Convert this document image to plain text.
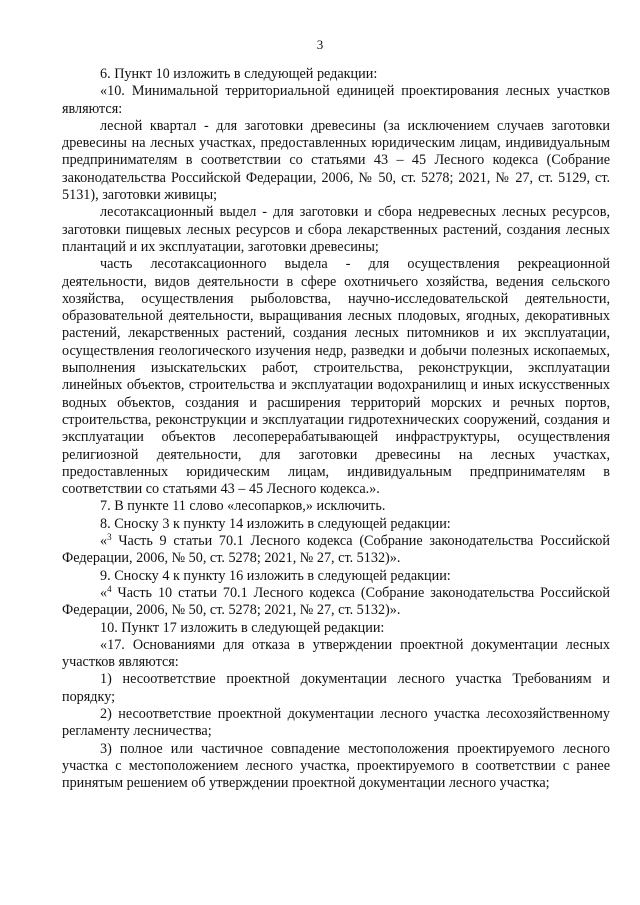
3

6. Пункт 10 изложить в следующей редакции:

«10. Минимальной территориальной единицей проектирования лесных участков являются:

лесной квартал - для заготовки древесины (за исключением случаев заготовки древесины на лесных участках, предоставленных юридическим лицам, индивидуальным предпринимателям в соответствии со статьями 43 – 45 Лесного кодекса (Собрание законодательства Российской Федерации, 2006, № 50, ст. 5278; 2021, № 27, ст. 5129, ст. 5131), заготовки живицы;

лесотаксационный выдел - для заготовки и сбора недревесных лесных ресурсов, заготовки пищевых лесных ресурсов и сбора лекарственных растений, создания лесных плантаций и их эксплуатации, заготовки древесины;

часть лесотаксационного выдела - для осуществления рекреационной деятельности, видов деятельности в сфере охотничьего хозяйства, ведения сельского хозяйства, осуществления рыболовства, научно-исследовательской деятельности, образовательной деятельности, выращивания лесных плодовых, ягодных, декоративных растений, лекарственных растений, создания лесных питомников и их эксплуатации, осуществления геологического изучения недр, разведки и добычи полезных ископаемых, выполнения изыскательских работ, строительства, реконструкции, эксплуатации линейных объектов, строительства и эксплуатации водохранилищ и иных искусственных водных объектов, создания и расширения территорий морских и речных портов, строительства, реконструкции и эксплуатации гидротехнических сооружений, создания и эксплуатации объектов лесоперерабатывающей инфраструктуры, осуществления религиозной деятельности, для заготовки древесины на лесных участках, предоставленных юридическим лицам, индивидуальным предпринимателям в соответствии со статьями 43 – 45 Лесного кодекса.».

7. В пункте 11 слово «лесопарков,» исключить.

8. Сноску 3 к пункту 14 изложить в следующей редакции:

«$^3$ Часть 9 статьи 70.1 Лесного кодекса (Собрание законодательства Российской Федерации, 2006, № 50, ст. 5278; 2021, № 27, ст. 5132)».

9. Сноску 4 к пункту 16 изложить в следующей редакции:

«$^4$ Часть 10 статьи 70.1 Лесного кодекса (Собрание законодательства Российской Федерации, 2006, № 50, ст. 5278; 2021, № 27, ст. 5132)».

10. Пункт 17 изложить в следующей редакции:

«17. Основаниями для отказа в утверждении проектной документации лесных участков являются:

1) несоответствие проектной документации лесного участка Требованиям и порядку;

2) несоответствие проектной документации лесного участка лесохозяйственному регламенту лесничества;

3) полное или частичное совпадение местоположения проектируемого лесного участка с местоположением лесного участка, проектируемого в соответствии с ранее принятым решением об утверждении проектной документации лесного участка;
